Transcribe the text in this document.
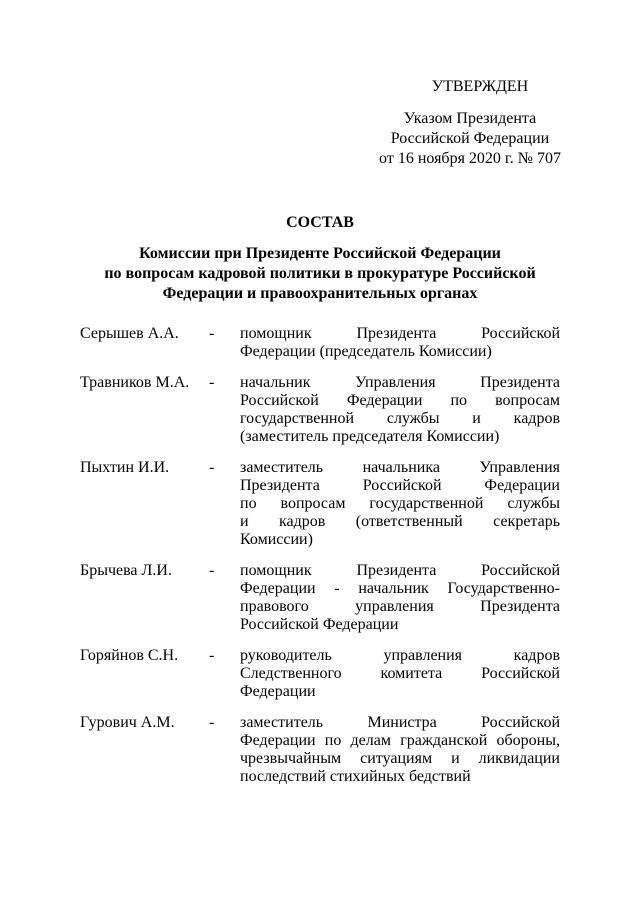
УТВЕРЖДЕН
Указом Президента
Российской Федерации
от 16 ноября 2020 г. № 707
СОСТАВ
Комиссии при Президенте Российской Федерации
по вопросам кадровой политики в прокуратуре Российской
Федерации и правоохранительных органах
Серышев А.А. - помощник Президента Российской
Федерации (председатель Комиссии)
Травников М.А. - начальник Управления Президента
Российской Федерации по вопросам
государственной службы и кадров
(заместитель председателя Комиссии)
Пыхтин И.И. - заместитель начальника Управления
Президента Российской Федерации
по вопросам государственной службы
и кадров (ответственный секретарь
Комиссии)
Брычева Л.И. - помощник Президента Российской
Федерации - начальник Государственно-
правового управления Президента
Российской Федерации
Горяйнов С.Н. - руководитель управления кадров
Следственного комитета Российской
Федерации
Гурович А.М. - заместитель Министра Российской
Федерации по делам гражданской обороны,
чрезвычайным ситуациям и ликвидации
последствий стихийных бедствий
